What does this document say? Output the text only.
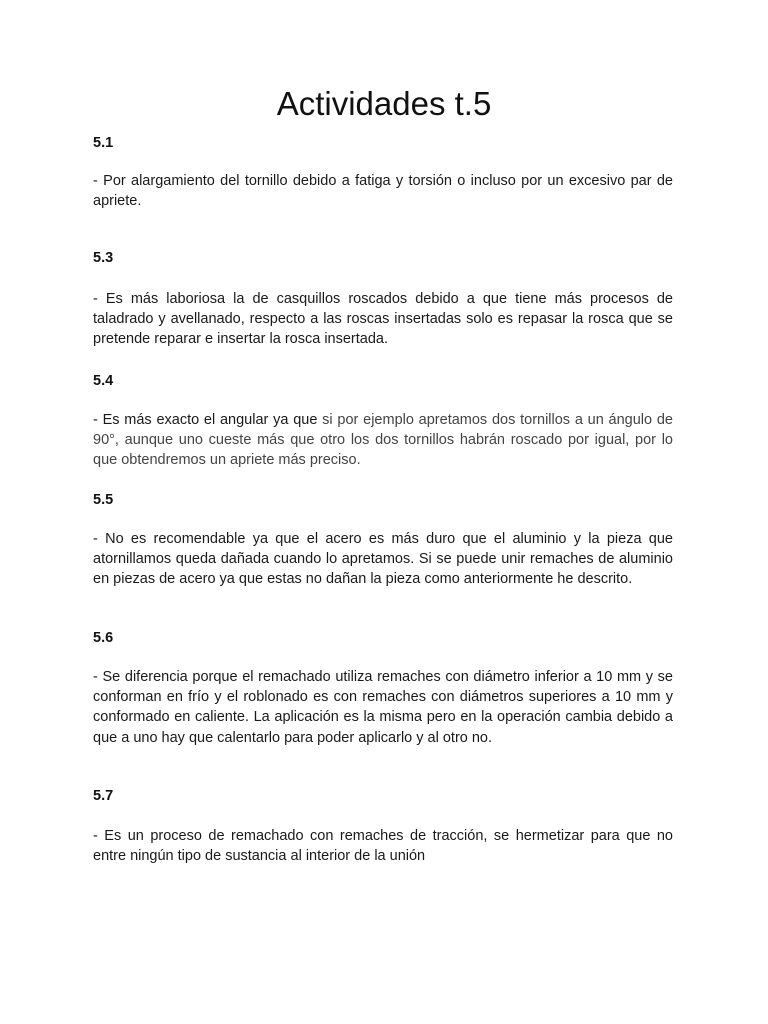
Actividades t.5
5.1

- Por alargamiento del tornillo debido a fatiga y torsión o incluso por un excesivo par de apriete.

5.3

- Es más laboriosa la de casquillos roscados debido a que tiene más procesos de taladrado y avellanado, respecto a las roscas insertadas solo es repasar la rosca que se pretende reparar e insertar la rosca insertada.

5.4

- Es más exacto el angular ya que si por ejemplo apretamos dos tornillos a un ángulo de 90°, aunque uno cueste más que otro los dos tornillos habrán roscado por igual, por lo que obtendremos un apriete más preciso.

5.5

- No es recomendable ya que el acero es más duro que el aluminio y la pieza que atornillamos queda dañada cuando lo apretamos. Si se puede unir remaches de aluminio en piezas de acero ya que estas no dañan la pieza como anteriormente he descrito.

5.6

- Se diferencia porque el remachado utiliza remaches con diámetro inferior a 10 mm y se conforman en frío y el roblonado es con remaches con diámetros superiores a 10 mm y conformado en caliente. La aplicación es la misma pero en la operación cambia debido a que a uno hay que calentarlo para poder aplicarlo y al otro no.

5.7

- Es un proceso de remachado con remaches de tracción, se hermetizar para que no entre ningún tipo de sustancia al interior de la unión
